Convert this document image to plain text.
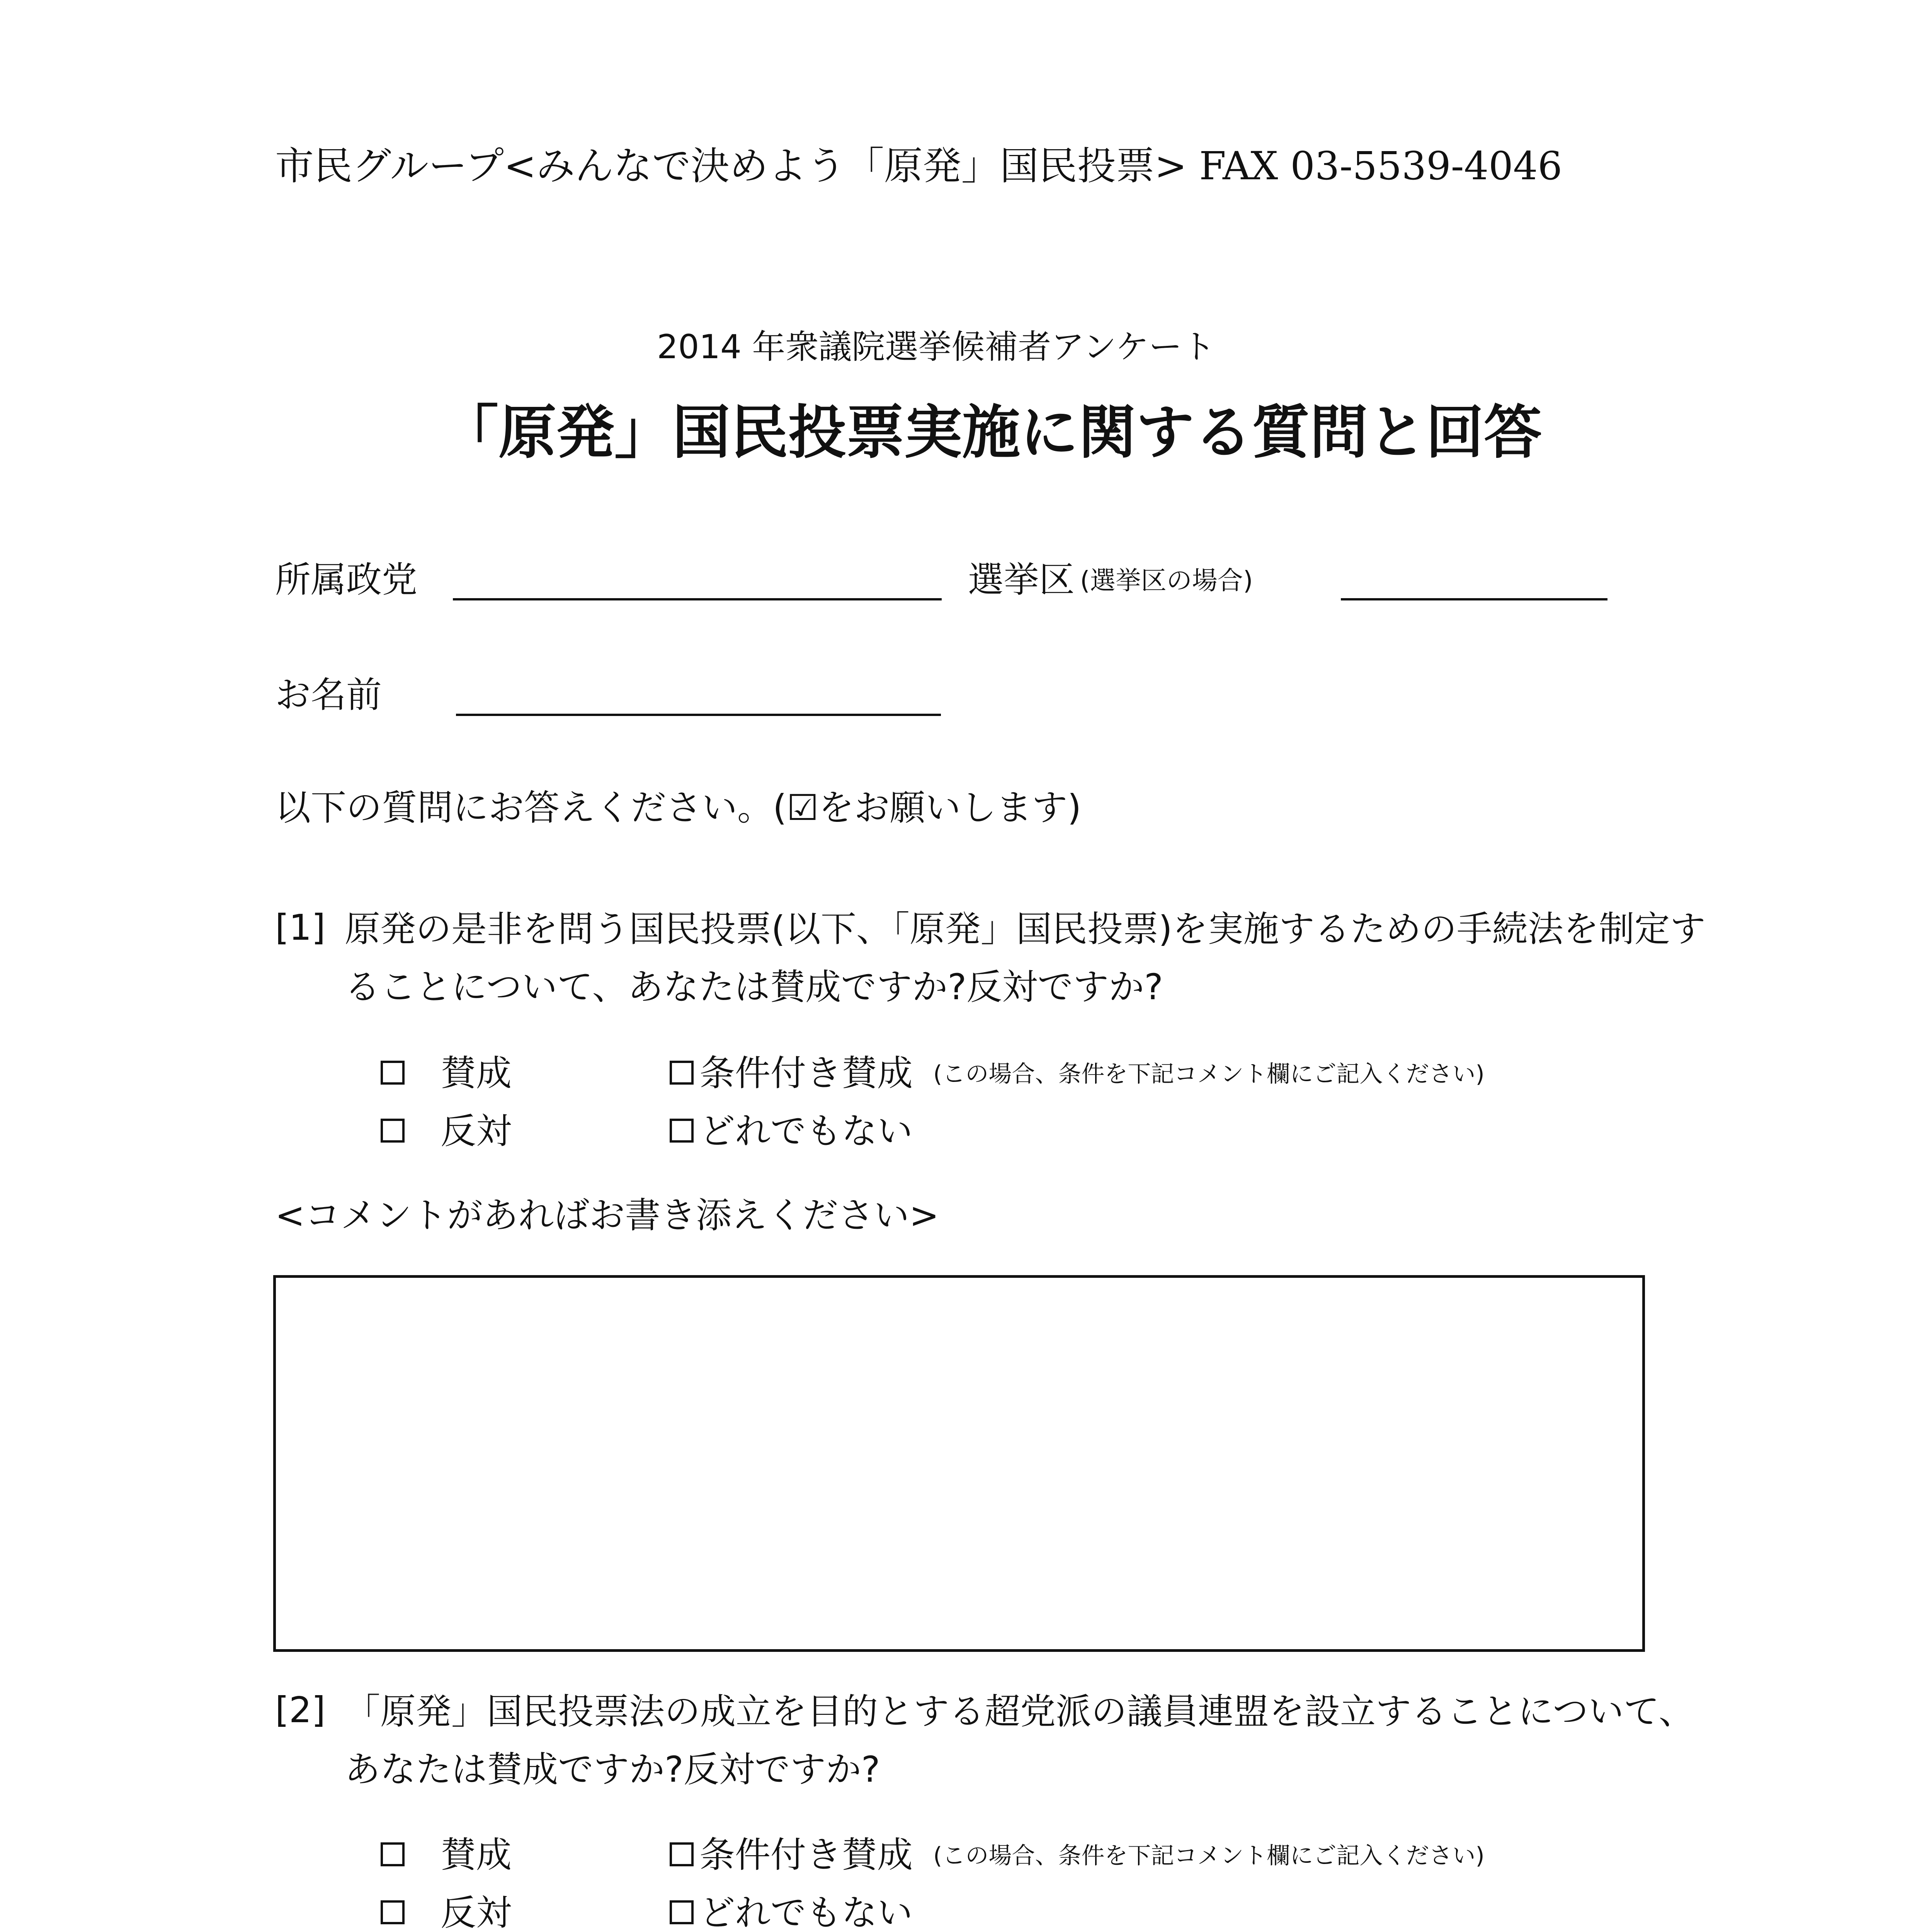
市民グループ<みんなで決めよう「原発」国民投票> FAX 03-5539-4046
2014 年衆議院選挙候補者アンケート
「原発」国民投票実施に関する質問と回答
所属政党	選挙区 (選挙区の場合)
お名前
以下の質問にお答えください。(☑をお願いします)
[1] 原発の是非を問う国民投票(以下、「原発」国民投票)を実施するための手続法を制定することについて、あなたは賛成ですか?反対ですか?
賛成	条件付き賛成 (この場合、条件を下記コメント欄にご記入ください)
反対	どれでもない
<コメントがあればお書き添えください>
[2] 「原発」国民投票法の成立を目的とする超党派の議員連盟を設立することについて、あなたは賛成ですか?反対ですか?
賛成	条件付き賛成 (この場合、条件を下記コメント欄にご記入ください)
反対	どれでもない
